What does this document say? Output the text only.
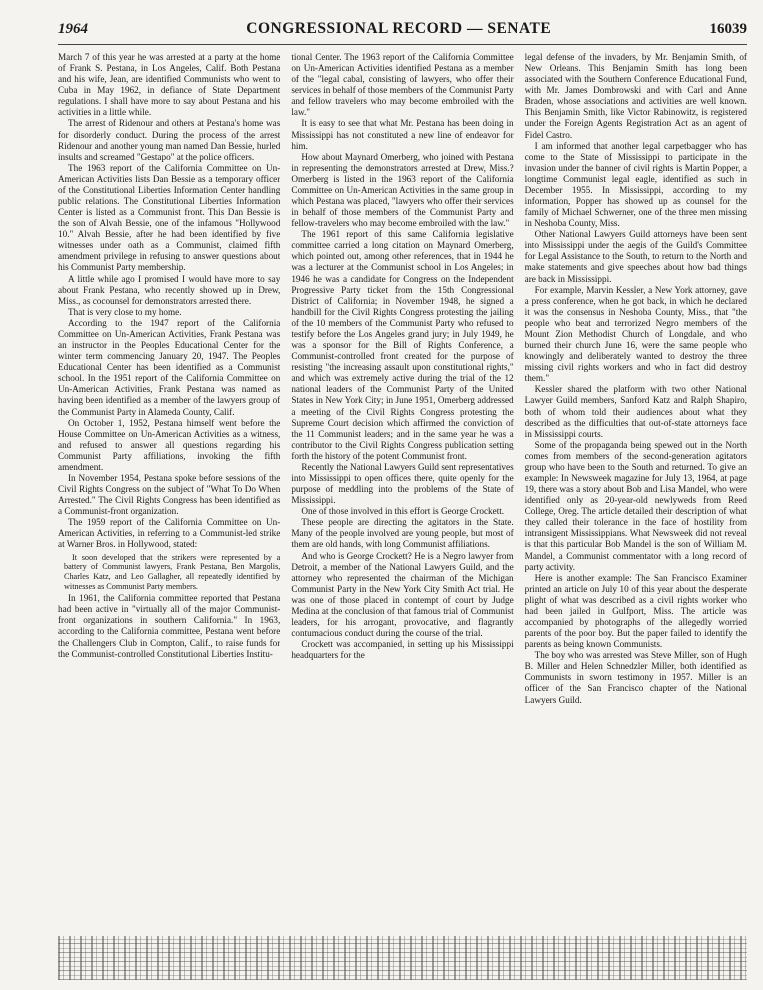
1964	CONGRESSIONAL RECORD — SENATE	16039

March 7 of this year he was arrested at a party at the home of Frank S. Pestana, in Los Angeles, Calif. Both Pestana and his wife, Jean, are identified Communists who went to Cuba in May 1962, in defiance of State Department regulations. I shall have more to say about Pestana and his activities in a little while.

The arrest of Ridenour and others at Pestana's home was for disorderly conduct. During the process of the arrest Ridenour and another young man named Dan Bessie, hurled insults and screamed "Gestapo" at the police officers.

The 1963 report of the California Committee on Un-American Activities lists Dan Bessie as a temporary officer of the Constitutional Liberties Information Center handling public relations. The Constitutional Liberties Information Center is listed as a Communist front. This Dan Bessie is the son of Alvah Bessie, one of the infamous "Hollywood 10." Alvah Bessie, after he had been identified by five witnesses under oath as a Communist, claimed fifth amendment privilege in refusing to answer questions about his Communist Party membership.

A little while ago I promised I would have more to say about Frank Pestana, who recently showed up in Drew, Miss., as cocounsel for demonstrators arrested there.

That is very close to my home.

According to the 1947 report of the California Committee on Un-American Activities, Frank Pestana was an instructor in the Peoples Educational Center for the winter term commencing January 20, 1947. The Peoples Educational Center has been identified as a Communist school. In the 1951 report of the California Committee on Un-American Activities, Frank Pestana was named as having been identified as a member of the lawyers group of the Communist Party in Alameda County, Calif.

On October 1, 1952, Pestana himself went before the House Committee on Un-American Activities as a witness, and refused to answer all questions regarding his Communist Party affiliations, invoking the fifth amendment.

In November 1954, Pestana spoke before sessions of the Civil Rights Congress on the subject of "What To Do When Arrested." The Civil Rights Congress has been identified as a Communist-front organization.

The 1959 report of the California Committee on Un-American Activities, in referring to a Communist-led strike at Warner Bros. in Hollywood, stated:

It soon developed that the strikers were represented by a battery of Communist lawyers, Frank Pestana, Ben Margolis, Charles Katz, and Leo Gallagher, all repeatedly identified by witnesses as Communist Party members.

In 1961, the California committee reported that Pestana had been active in "virtually all of the major Communist-front organizations in southern California." In 1963, according to the California committee, Pestana went before the Challengers Club in Compton, Calif., to raise funds for the Communist-controlled Constitutional Liberties Institu-

tional Center. The 1963 report of the California Committee on Un-American Activities identified Pestana as a member of the "legal cabal, consisting of lawyers, who offer their services in behalf of those members of the Communist Party and fellow travelers who may become embroiled with the law."

It is easy to see that what Mr. Pestana has been doing in Mississippi has not constituted a new line of endeavor for him.

How about Maynard Omerberg, who joined with Pestana in representing the demonstrators arrested at Drew, Miss.? Omerberg is listed in the 1963 report of the California Committee on Un-American Activities in the same group in which Pestana was placed, "lawyers who offer their services in behalf of those members of the Communist Party and fellow-travelers who may become embroiled with the law."

The 1961 report of this same California legislative committee carried a long citation on Maynard Omerberg, which pointed out, among other references, that in 1944 he was a lecturer at the Communist school in Los Angeles; in 1946 he was a candidate for Congress on the Independent Progressive Party ticket from the 15th Congressional District of California; in November 1948, he signed a handbill for the Civil Rights Congress protesting the jailing of the 10 members of the Communist Party who refused to testify before the Los Angeles grand jury; in July 1949, he was a sponsor for the Bill of Rights Conference, a Communist-controlled front created for the purpose of resisting "the increasing assault upon constitutional rights," and which was extremely active during the trial of the 12 national leaders of the Communist Party of the United States in New York City; in June 1951, Omerberg addressed a meeting of the Civil Rights Congress protesting the Supreme Court decision which affirmed the conviction of the 11 Communist leaders; and in the same year he was a contributor to the Civil Rights Congress publication setting forth the history of the potent Communist front.

Recently the National Lawyers Guild sent representatives into Mississippi to open offices there, quite openly for the purpose of meddling into the problems of the State of Mississippi.

One of those involved in this effort is George Crockett.

These people are directing the agitators in the State. Many of the people involved are young people, but most of them are old hands, with long Communist affiliations.

And who is George Crockett? He is a Negro lawyer from Detroit, a member of the National Lawyers Guild, and the attorney who represented the chairman of the Michigan Communist Party in the New York City Smith Act trial. He was one of those placed in contempt of court by Judge Medina at the conclusion of that famous trial of Communist leaders, for his arrogant, provocative, and flagrantly contumacious conduct during the course of the trial.

Crockett was accompanied, in setting up his Mississippi headquarters for the

legal defense of the invaders, by Mr. Benjamin Smith, of New Orleans. This Benjamin Smith has long been associated with the Southern Conference Educational Fund, with Mr. James Dombrowski and with Carl and Anne Braden, whose associations and activities are well known. This Benjamin Smith, like Victor Rabinowitz, is registered under the Foreign Agents Registration Act as an agent of Fidel Castro.

I am informed that another legal carpetbagger who has come to the State of Mississippi to participate in the invasion under the banner of civil rights is Martin Popper, a longtime Communist legal eagle, identified as such in December 1955. In Mississippi, according to my information, Popper has showed up as counsel for the family of Michael Schwerner, one of the three men missing in Neshoba County, Miss.

Other National Lawyers Guild attorneys have been sent into Mississippi under the aegis of the Guild's Committee for Legal Assistance to the South, to return to the North and make statements and give speeches about how bad things are back in Mississippi.

For example, Marvin Kessler, a New York attorney, gave a press conference, when he got back, in which he declared it was the consensus in Neshoba County, Miss., that "the people who beat and terrorized Negro members of the Mount Zion Methodist Church of Longdale, and who burned their church June 16, were the same people who knowingly and deliberately wanted to destroy the three missing civil rights workers and who in fact did destroy them."

Kessler shared the platform with two other National Lawyer Guild members, Sanford Katz and Ralph Shapiro, both of whom told their audiences about what they described as the difficulties that out-of-state attorneys face in Mississippi courts.

Some of the propaganda being spewed out in the North comes from members of the second-generation agitators group who have been to the South and returned. To give an example: In Newsweek magazine for July 13, 1964, at page 19, there was a story about Bob and Lisa Mandel, who were identified only as 20-year-old newlyweds from Reed College, Oreg. The article detailed their description of what they called their tolerance in the face of hostility from intransigent Mississippians. What Newsweek did not reveal is that this particular Bob Mandel is the son of William M. Mandel, a Communist commentator with a long record of party activity.

Here is another example: The San Francisco Examiner printed an article on July 10 of this year about the desperate plight of what was described as a civil rights worker who had been jailed in Gulfport, Miss. The article was accompanied by photographs of the allegedly worried parents of the poor boy. But the paper failed to identify the parents as being known Communists.

The boy who was arrested was Steve Miller, son of Hugh B. Miller and Helen Schnedzler Miller, both identified as Communists in sworn testimony in 1957. Miller is an officer of the San Francisco chapter of the National Lawyers Guild.
